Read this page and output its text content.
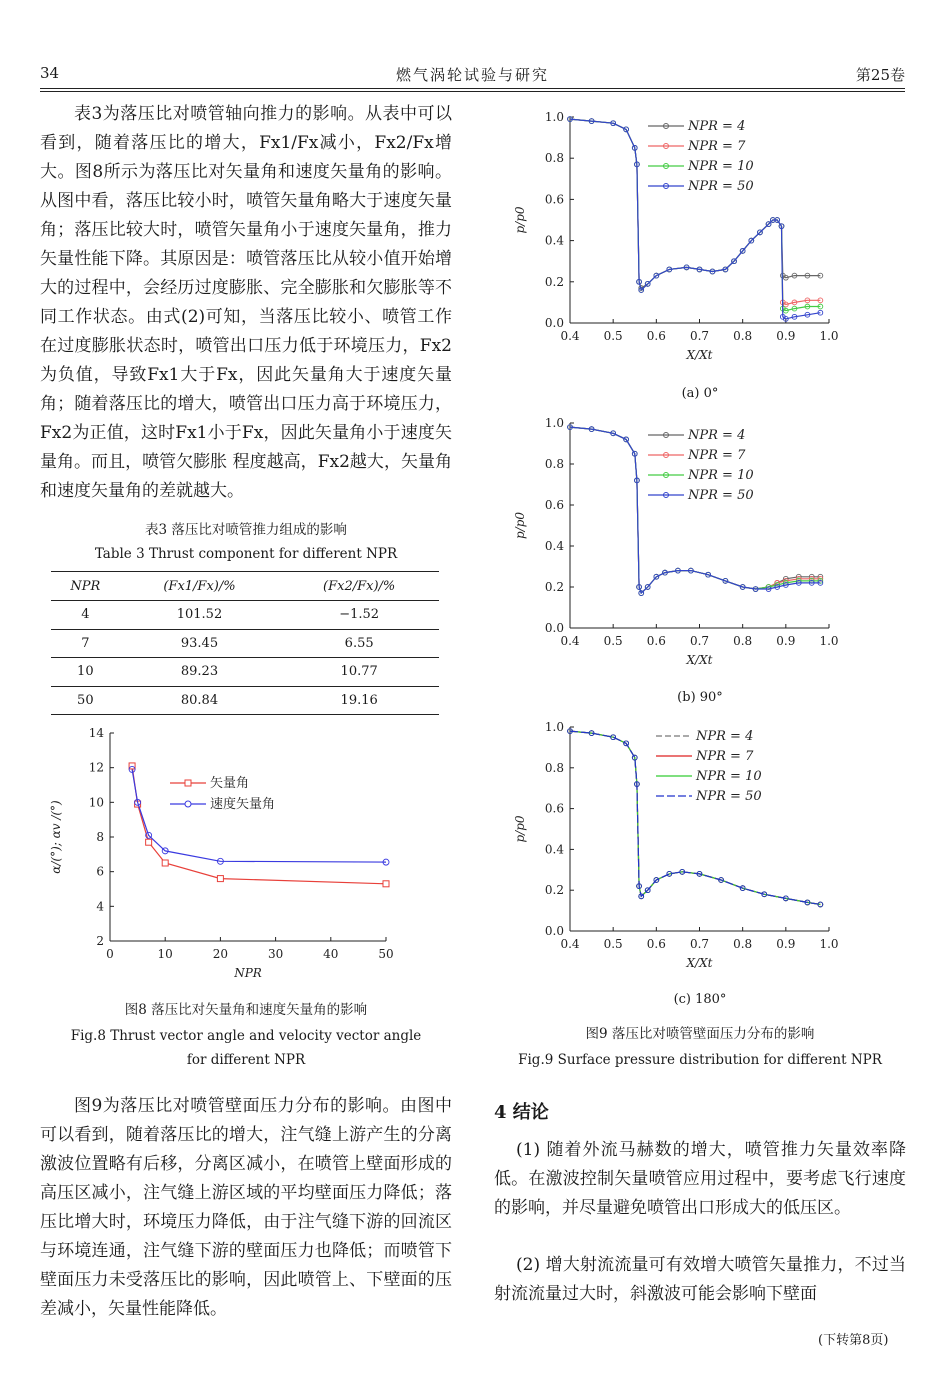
34	燃气涡轮试验与研究	第25卷

表3为落压比对喷管轴向推力的影响。从表中可以看到，随着落压比的增大，Fx1/Fx减小，Fx2/Fx增大。图8所示为落压比对矢量角和速度矢量角的影响。从图中看，落压比较小时，喷管矢量角略大于速度矢量角；落压比较大时，喷管矢量角小于速度矢量角，推力矢量性能下降。其原因是：喷管落压比从较小值开始增大的过程中，会经历过度膨胀、完全膨胀和欠膨胀等不同工作状态。由式(2)可知，当落压比较小、喷管工作在过度膨胀状态时，喷管出口压力低于环境压力，Fx2为负值，导致Fx1大于Fx，因此矢量角大于速度矢量角；随着落压比的增大，喷管出口压力高于环境压力，Fx2为正值，这时Fx1小于Fx，因此矢量角小于速度矢量角。而且，喷管欠膨胀 程度越高，Fx2越大，矢量角和速度矢量角的差就越大。

表3 落压比对喷管推力组成的影响

Table 3 Thrust component for different NPR

NPR	(Fx1/Fx)/%	(Fx2/Fx)/%
4	101.52	−1.52
7	93.45	6.55
10	89.23	10.77
50	80.84	19.16
2
4
6
8
10
12
14
0	10	20	30	40	50
NPR
α/(°); αv /(°)
矢量角
速度矢量角

图8 落压比对矢量角和速度矢量角的影响

Fig.8 Thrust vector angle and velocity vector angle

for different NPR

图9为落压比对喷管壁面压力分布的影响。由图中可以看到，随着落压比的增大，注气缝上游产生的分离激波位置略有后移，分离区减小，在喷管上壁面形成的高压区减小，注气缝上游区域的平均壁面压力降低；落压比增大时，环境压力降低，由于注气缝下游的回流区与环境连通，注气缝下游的壁面压力也降低；而喷管下壁面压力未受落压比的影响，因此喷管上、下壁面的压差减小，矢量性能降低。

0.0
0.2
0.4
0.6
0.8
1.0
0.4 0.5 0.6 0.7 0.8 0.9 1.0
X/Xt
p/p0
NPR = 4
NPR = 7
NPR = 10
NPR = 50
0.0
0.2
0.4
0.6
0.8
1.0
0.4 0.5 0.6 0.7 0.8 0.9 1.0
X/Xt
p/p0
NPR = 4
NPR = 7
NPR = 10
NPR = 50
0.0
0.2
0.4
0.6
0.8
1.0
0.4 0.5 0.6 0.7 0.8 0.9 1.0
X/Xt
p/p0
NPR = 4
NPR = 7
NPR = 10
NPR = 50
(a) 0°
(b) 90°
(c) 180°

图9 落压比对喷管壁面压力分布的影响

Fig.9 Surface pressure distribution for different NPR

4 结论

(1) 随着外流马赫数的增大，喷管推力矢量效率降低。在激波控制矢量喷管应用过程中，要考虑飞行速度的影响，并尽量避免喷管出口形成大的低压区。

(2) 增大射流流量可有效增大喷管矢量推力，不过当射流流量过大时，斜激波可能会影响下壁面

(下转第8页)
